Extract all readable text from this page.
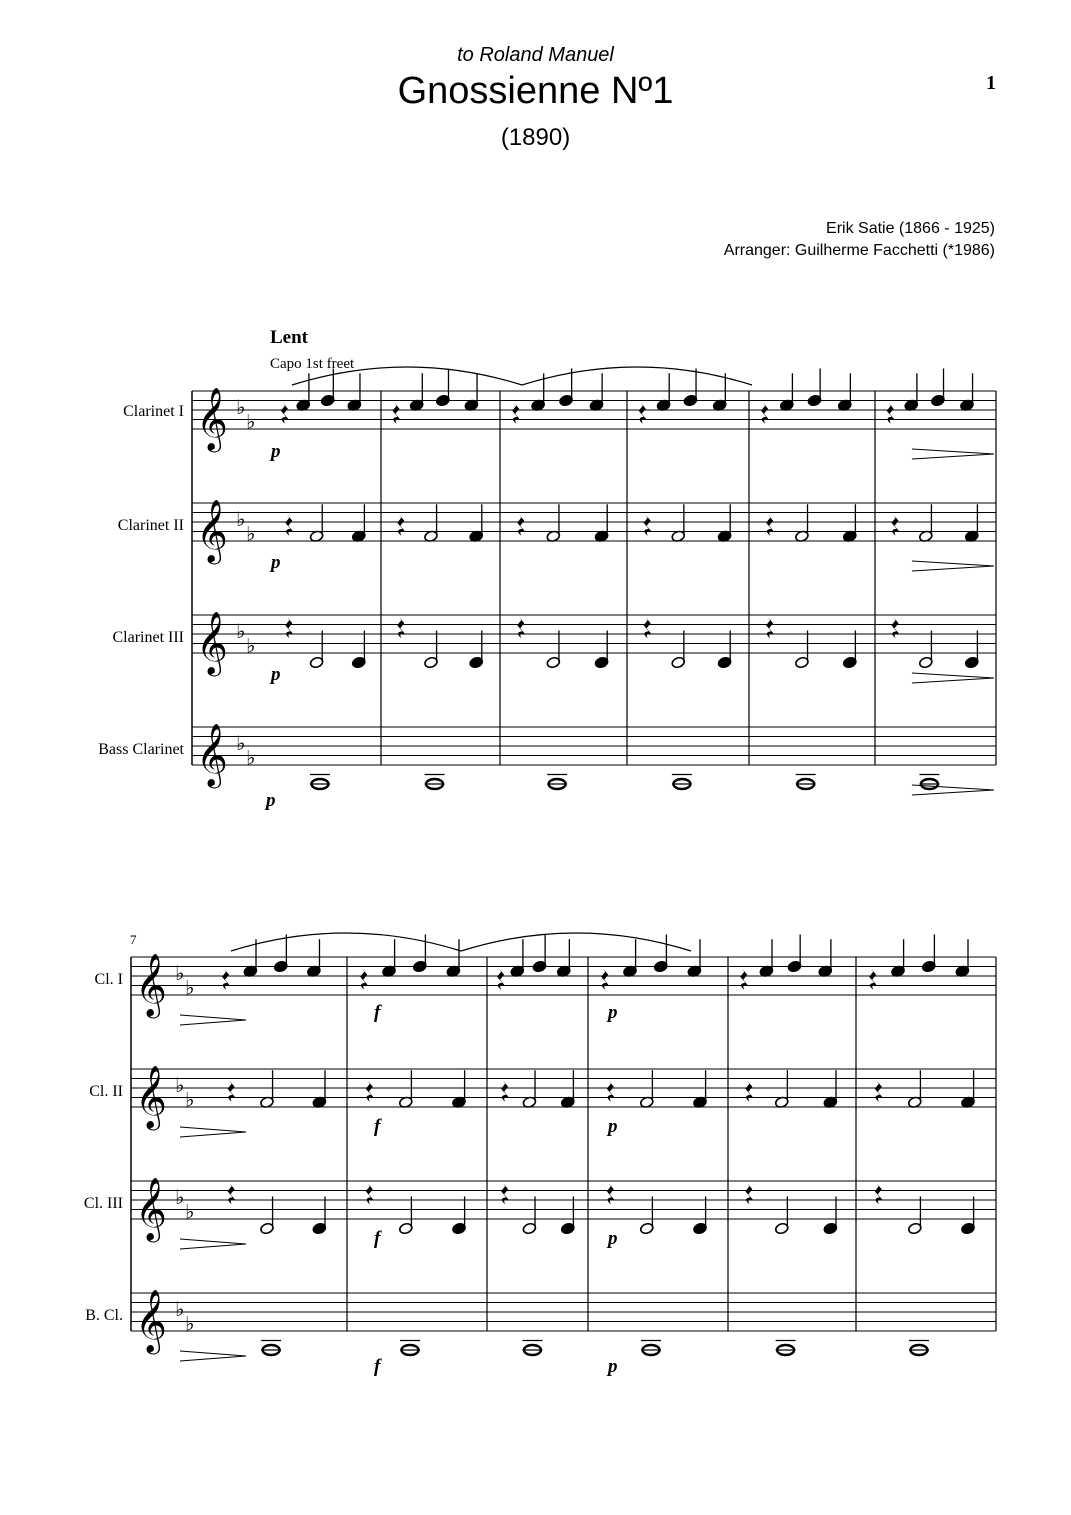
to Roland Manuel
Gnossienne Nº1
(1890)
1
Erik Satie (1866 - 1925)
Arranger: Guilherme Facchetti (*1986)
Lent
Capo 1st freet
Clarinet I
Clarinet II
Clarinet III
Bass Clarinet
7
Cl. I
Cl. II
Cl. III
B. Cl.
p
p
p
p
f	p
f	p
f	p
f	p
𝄞 ♭
♭
𝄞 ♭
♭
𝄞 ♭
♭
𝄞 ♭
♭
𝄞 ♭
♭
𝄞 ♭
♭
𝄞 ♭
♭
𝄞 ♭
♭
